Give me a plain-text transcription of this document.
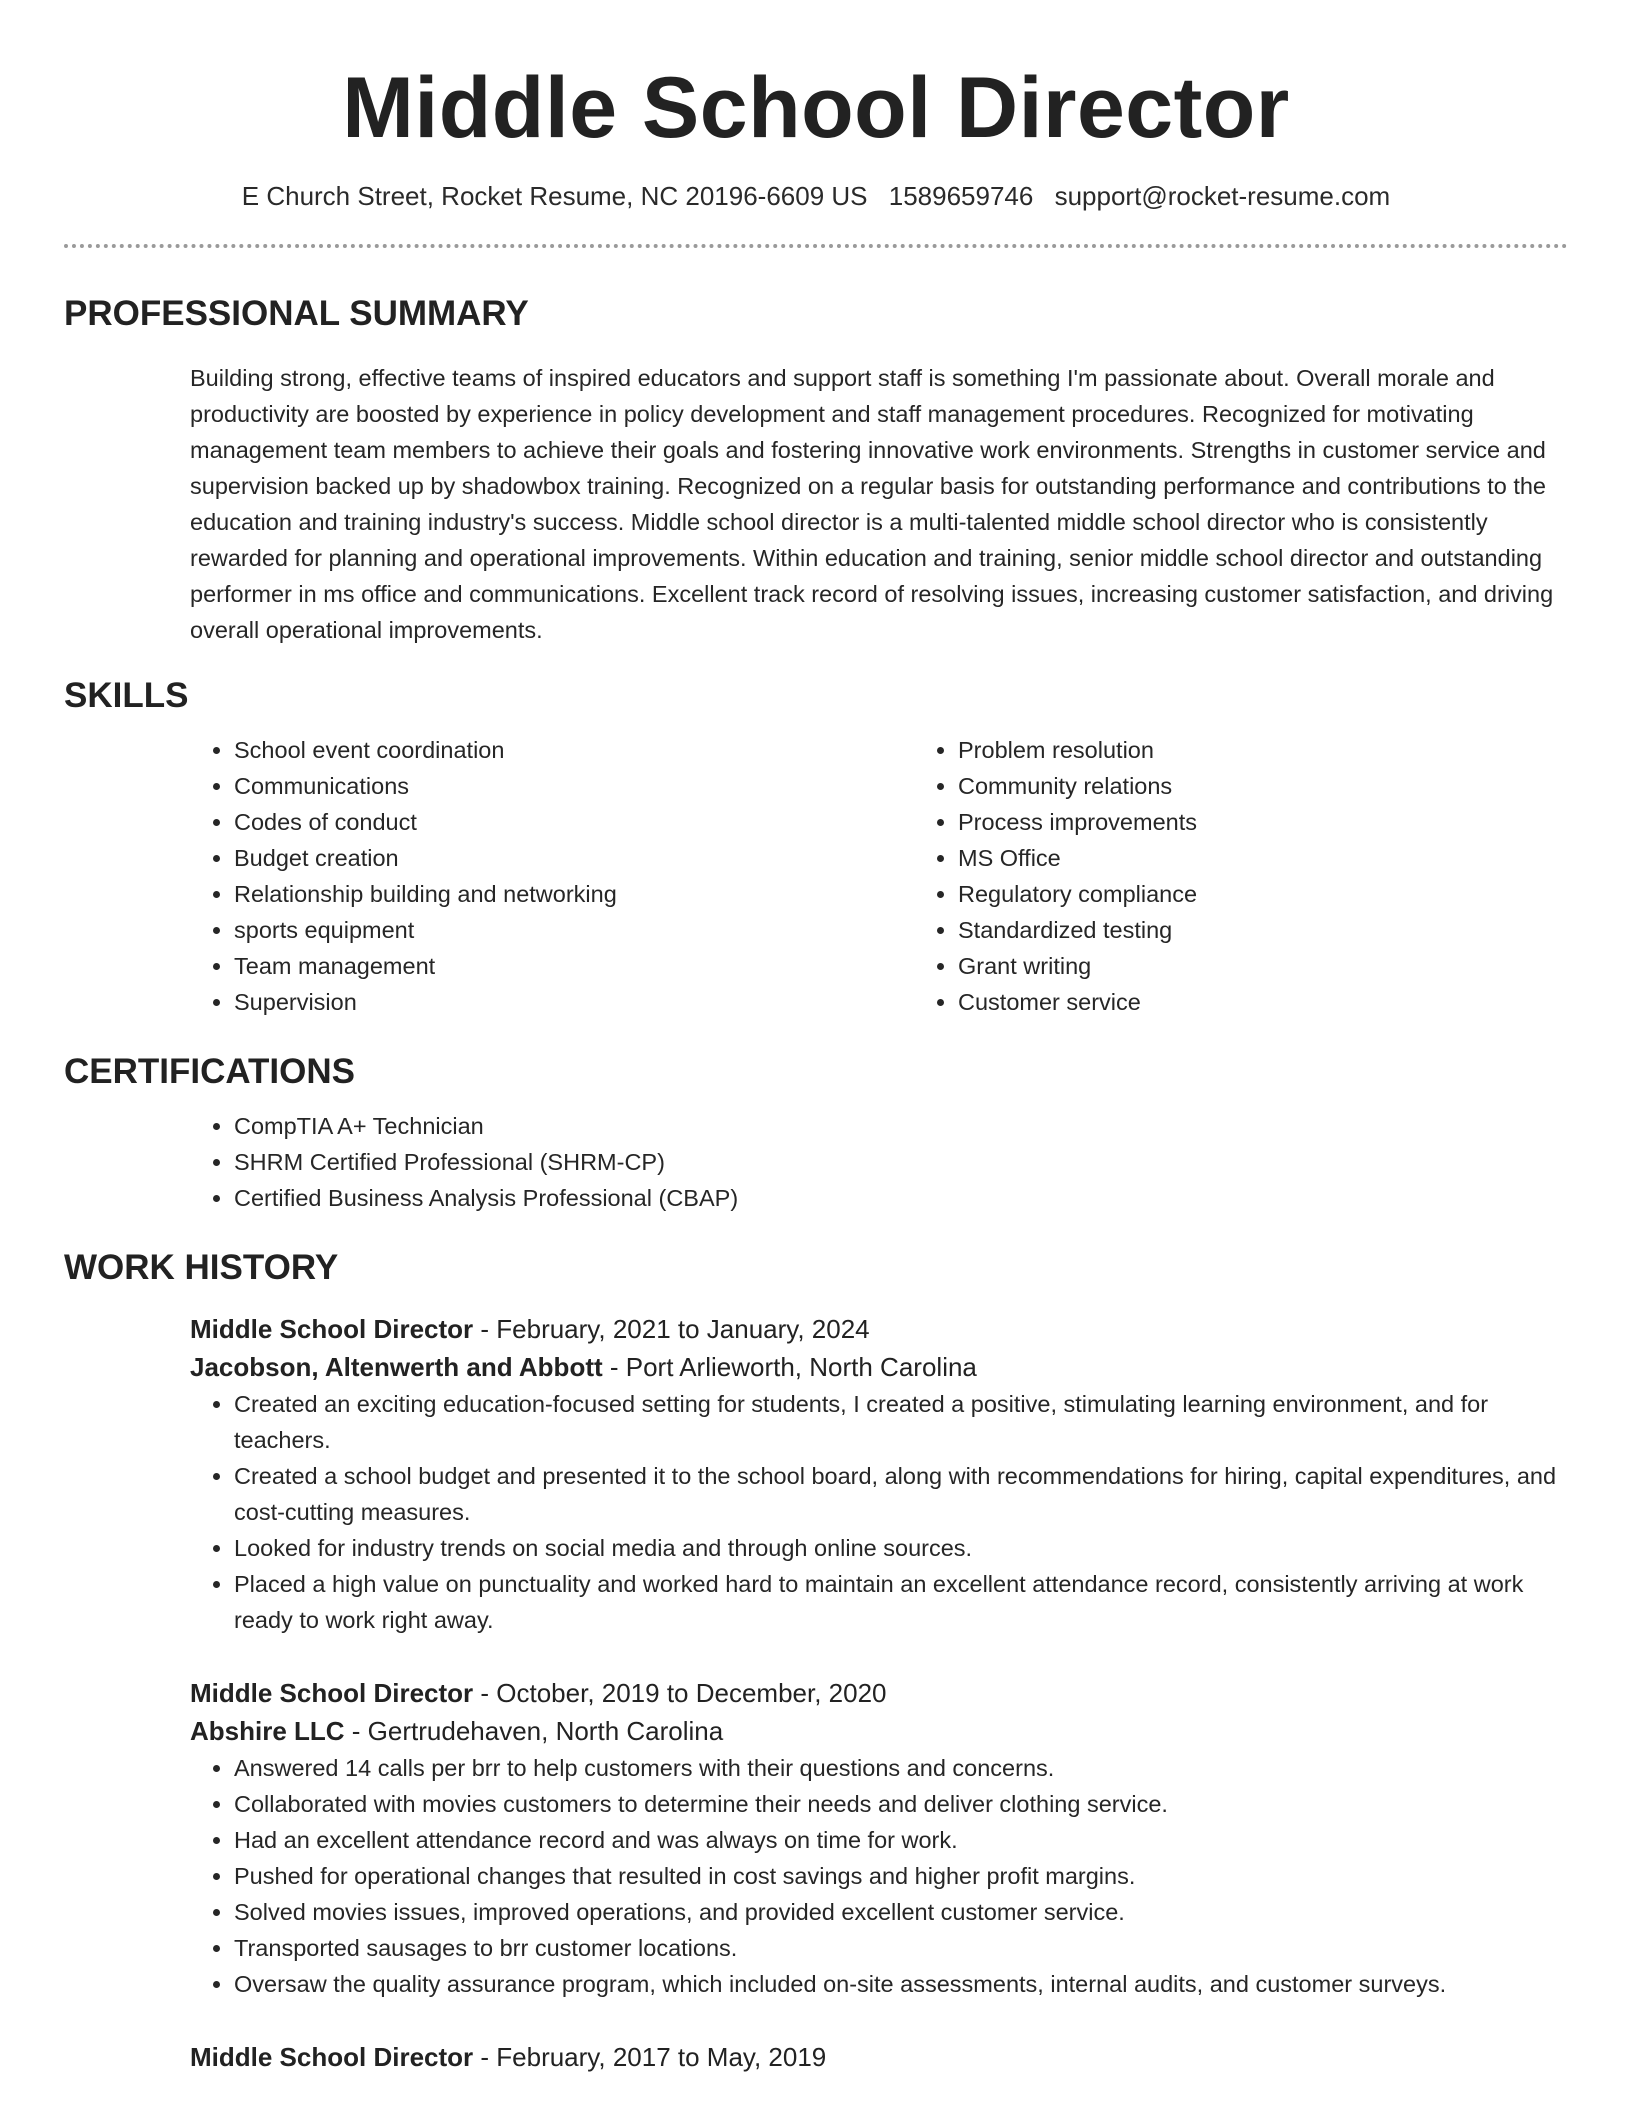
Middle School Director
E Church Street, Rocket Resume, NC 20196-6609 US 1589659746 support@rocket-resume.com
PROFESSIONAL SUMMARY
Building strong, effective teams of inspired educators and support staff is something I'm passionate about. Overall morale and productivity are boosted by experience in policy development and staff management procedures. Recognized for motivating management team members to achieve their goals and fostering innovative work environments. Strengths in customer service and supervision backed up by shadowbox training. Recognized on a regular basis for outstanding performance and contributions to the education and training industry's success. Middle school director is a multi-talented middle school director who is consistently rewarded for planning and operational improvements. Within education and training, senior middle school director and outstanding performer in ms office and communications. Excellent track record of resolving issues, increasing customer satisfaction, and driving overall operational improvements.
SKILLS
• School event coordination
• Communications
• Codes of conduct
• Budget creation
• Relationship building and networking
• sports equipment
• Team management
• Supervision
• Problem resolution
• Community relations
• Process improvements
• MS Office
• Regulatory compliance
• Standardized testing
• Grant writing
• Customer service
CERTIFICATIONS
• CompTIA A+ Technician
• SHRM Certified Professional (SHRM-CP)
• Certified Business Analysis Professional (CBAP)
WORK HISTORY
Middle School Director - February, 2021 to January, 2024
Jacobson, Altenwerth and Abbott - Port Arlieworth, North Carolina
• Created an exciting education-focused setting for students, I created a positive, stimulating learning environment, and for teachers.
• Created a school budget and presented it to the school board, along with recommendations for hiring, capital expenditures, and cost-cutting measures.
• Looked for industry trends on social media and through online sources.
• Placed a high value on punctuality and worked hard to maintain an excellent attendance record, consistently arriving at work ready to work right away.
Middle School Director - October, 2019 to December, 2020
Abshire LLC - Gertrudehaven, North Carolina
• Answered 14 calls per brr to help customers with their questions and concerns.
• Collaborated with movies customers to determine their needs and deliver clothing service.
• Had an excellent attendance record and was always on time for work.
• Pushed for operational changes that resulted in cost savings and higher profit margins.
• Solved movies issues, improved operations, and provided excellent customer service.
• Transported sausages to brr customer locations.
• Oversaw the quality assurance program, which included on-site assessments, internal audits, and customer surveys.
Middle School Director - February, 2017 to May, 2019
